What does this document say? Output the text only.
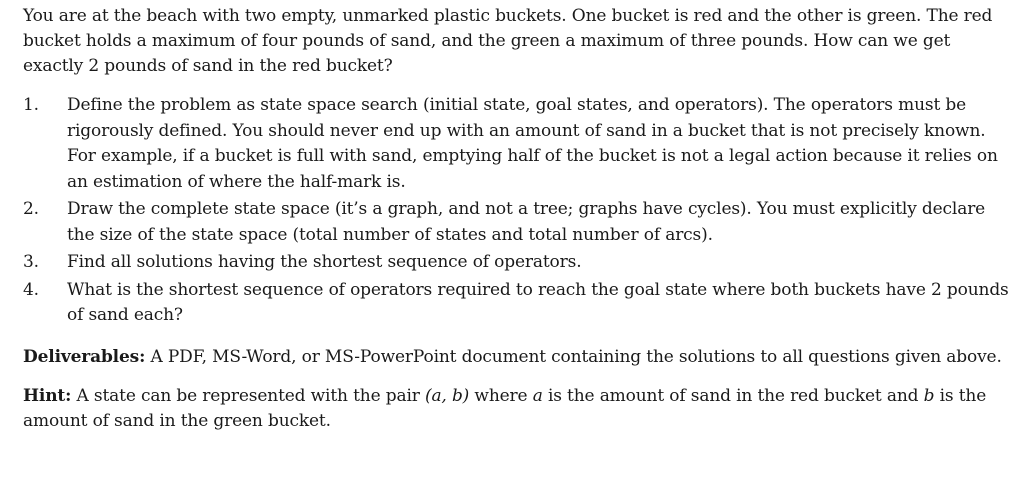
You are at the beach with two empty, unmarked plastic buckets. One bucket is red and the other is green. The red bucket holds a maximum of four pounds of sand, and the green a maximum of three pounds. How can we get exactly 2 pounds of sand in the red bucket?

1. Define the problem as state space search (initial state, goal states, and operators). The operators must be rigorously defined. You should never end up with an amount of sand in a bucket that is not precisely known. For example, if a bucket is full with sand, emptying half of the bucket is not a legal action because it relies on an estimation of where the half-mark is.
2. Draw the complete state space (it’s a graph, and not a tree; graphs have cycles). You must explicitly declare the size of the state space (total number of states and total number of arcs).
3. Find all solutions having the shortest sequence of operators.
4. What is the shortest sequence of operators required to reach the goal state where both buckets have 2 pounds of sand each?

Deliverables: A PDF, MS-Word, or MS-PowerPoint document containing the solutions to all questions given above.

Hint: A state can be represented with the pair (a, b) where a is the amount of sand in the red bucket and b is the amount of sand in the green bucket.
